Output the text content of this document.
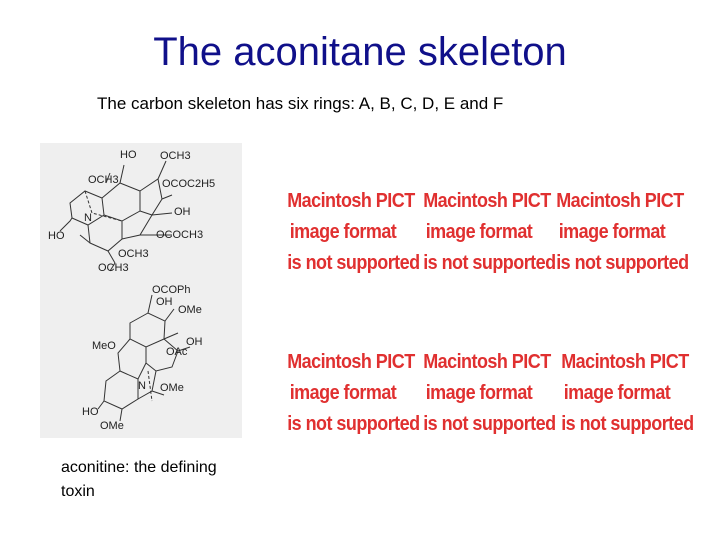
The aconitane skeleton
The carbon skeleton has six rings: A, B, C, D, E and F
HO OCH3
OCH3	OCOC2H5
N	OH
HO	OCOCH3
OCH3
OCH3
OCOPh
OH
OMe
MeO	OH
OAc
N OMe
HO
OMe
aconitine: the defining toxin
Macintosh PICT
image format
is not supported
Macintosh PICT
image format
is not supported
Macintosh PICT
image format
is not supported
Macintosh PICT
image format
is not supported
Macintosh PICT
image format
is not supported
Macintosh PICT
image format
is not supported
